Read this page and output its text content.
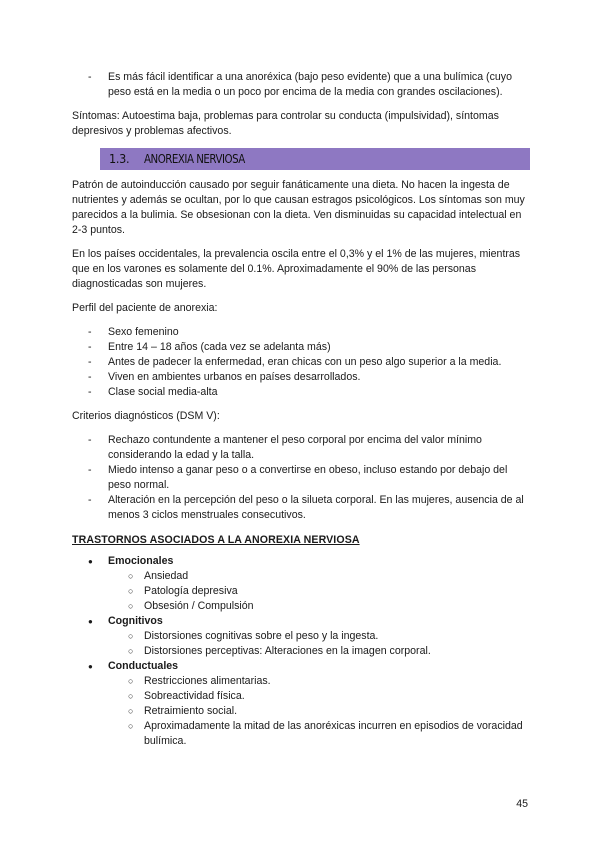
- Es más fácil identificar a una anoréxica (bajo peso evidente) que a una bulímica (cuyo peso está en la media o un poco por encima de la media con grandes oscilaciones).

Síntomas: Autoestima baja, problemas para controlar su conducta (impulsividad), síntomas depresivos y problemas afectivos.

1.3. ANOREXIA NERVIOSA

Patrón de autoinducción causado por seguir fanáticamente una dieta. No hacen la ingesta de nutrientes y además se ocultan, por lo que causan estragos psicológicos. Los síntomas son muy parecidos a la bulimia. Se obsesionan con la dieta. Ven disminuidas su capacidad intelectual en 2-3 puntos.

En los países occidentales, la prevalencia oscila entre el 0,3% y el 1% de las mujeres, mientras que en los varones es solamente del 0.1%. Aproximadamente el 90% de las personas diagnosticadas son mujeres.

Perfil del paciente de anorexia:

- Sexo femenino
- Entre 14 – 18 años (cada vez se adelanta más)
- Antes de padecer la enfermedad, eran chicas con un peso algo superior a la media.
- Viven en ambientes urbanos en países desarrollados.
- Clase social media-alta

Criterios diagnósticos (DSM V):

- Rechazo contundente a mantener el peso corporal por encima del valor mínimo considerando la edad y la talla.
- Miedo intenso a ganar peso o a convertirse en obeso, incluso estando por debajo del peso normal.
- Alteración en la percepción del peso o la silueta corporal. En las mujeres, ausencia de al menos 3 ciclos menstruales consecutivos.

TRASTORNOS ASOCIADOS A LA ANOREXIA NERVIOSA

● Emocionales
○ Ansiedad
○ Patología depresiva
○ Obsesión / Compulsión
● Cognitivos
○ Distorsiones cognitivas sobre el peso y la ingesta.
○ Distorsiones perceptivas: Alteraciones en la imagen corporal.
● Conductuales
○ Restricciones alimentarias.
○ Sobreactividad física.
○ Retraimiento social.
○ Aproximadamente la mitad de las anoréxicas incurren en episodios de voracidad bulímica.
45
